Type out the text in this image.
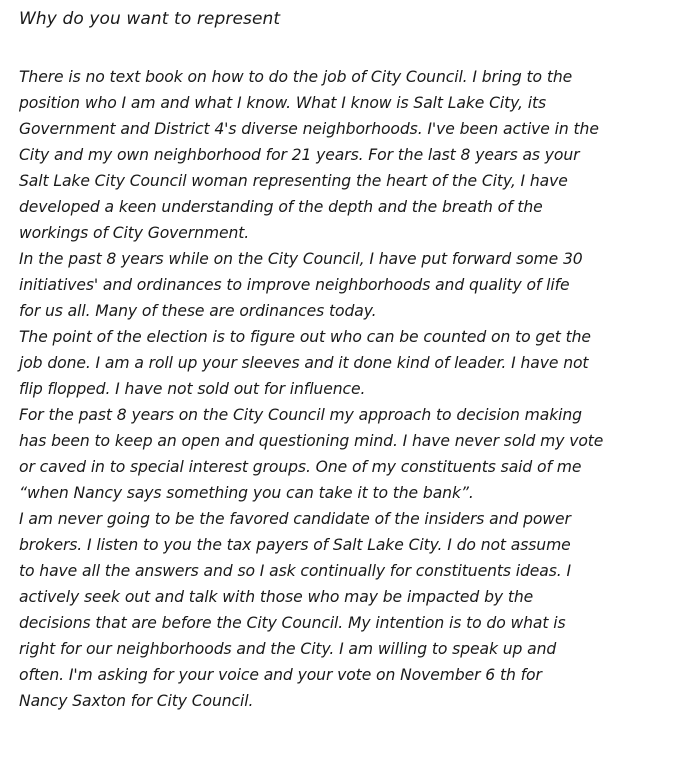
Why do you want to represent
There is no text book on how to do the job of City Council. I bring to the
position who I am and what I know. What I know is Salt Lake City, its
Government and District 4's diverse neighborhoods. I've been active in the
City and my own neighborhood for 21 years. For the last 8 years as your
Salt Lake City Council woman representing the heart of the City, I have
developed a keen understanding of the depth and the breath of the
workings of City Government.
In the past 8 years while on the City Council, I have put forward some 30
initiatives' and ordinances to improve neighborhoods and quality of life
for us all. Many of these are ordinances today.
The point of the election is to figure out who can be counted on to get the
job done. I am a roll up your sleeves and it done kind of leader. I have not
flip flopped. I have not sold out for influence.
For the past 8 years on the City Council my approach to decision making
has been to keep an open and questioning mind. I have never sold my vote
or caved in to special interest groups. One of my constituents said of me
“when Nancy says something you can take it to the bank”.
I am never going to be the favored candidate of the insiders and power
brokers. I listen to you the tax payers of Salt Lake City. I do not assume
to have all the answers and so I ask continually for constituents ideas. I
actively seek out and talk with those who may be impacted by the
decisions that are before the City Council. My intention is to do what is
right for our neighborhoods and the City. I am willing to speak up and
often. I'm asking for your voice and your vote on November 6 th for
Nancy Saxton for City Council.
